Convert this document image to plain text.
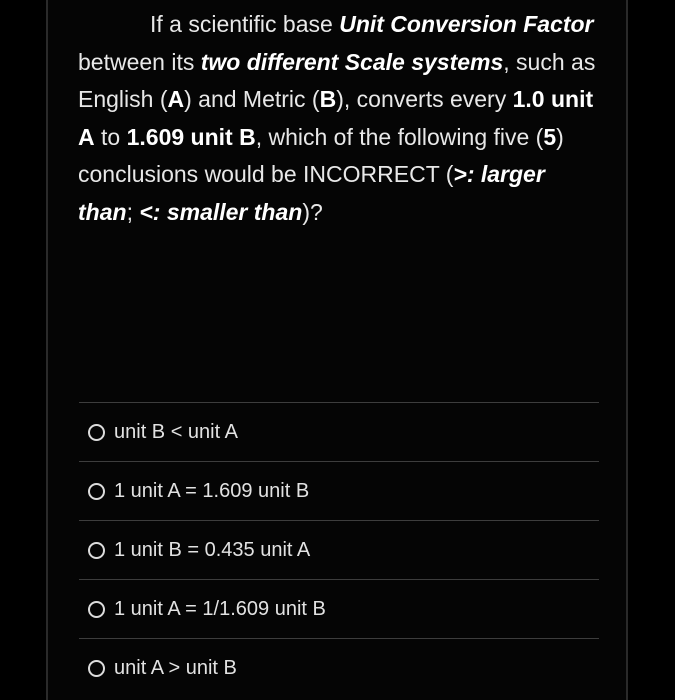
If a scientific base Unit Conversion Factor between its two different Scale systems, such as English (A) and Metric (B), converts every 1.0 unit A to 1.609 unit B, which of the following five (5) conclusions would be INCORRECT (>: larger than; <: smaller than)?
unit B < unit A
1 unit A = 1.609 unit B
1 unit B = 0.435 unit A
1 unit A = 1/1.609 unit B
unit A > unit B
